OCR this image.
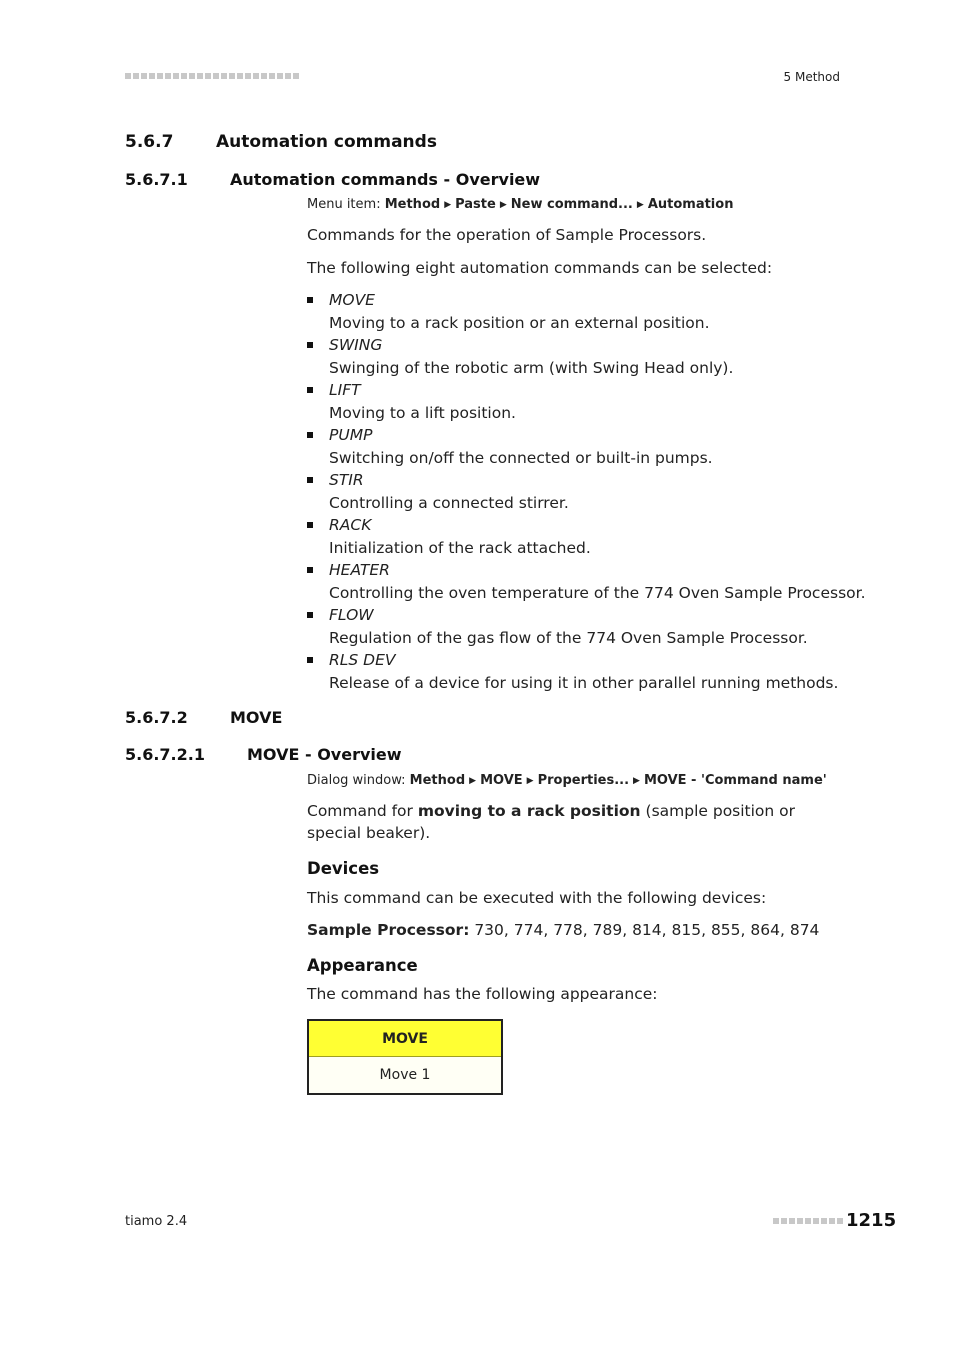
5 Method
5.6.7	Automation commands
5.6.7.1	Automation commands - Overview
Menu item: Method ▶ Paste ▶ New command... ▶ Automation
Commands for the operation of Sample Processors.
The following eight automation commands can be selected:
MOVE
Moving to a rack position or an external position.
SWING
Swinging of the robotic arm (with Swing Head only).
LIFT
Moving to a lift position.
PUMP
Switching on/off the connected or built-in pumps.
STIR
Controlling a connected stirrer.
RACK
Initialization of the rack attached.
HEATER
Controlling the oven temperature of the 774 Oven Sample Processor.
FLOW
Regulation of the gas flow of the 774 Oven Sample Processor.
RLS DEV
Release of a device for using it in other parallel running methods.
5.6.7.2	MOVE
5.6.7.2.1	MOVE - Overview
Dialog window: Method ▶ MOVE ▶ Properties... ▶ MOVE - 'Command name'
Command for moving to a rack position (sample position or special beaker).
Devices
This command can be executed with the following devices:
Sample Processor: 730, 774, 778, 789, 814, 815, 855, 864, 874
Appearance
The command has the following appearance:
MOVE
Move 1
tiamo 2.4	1215
